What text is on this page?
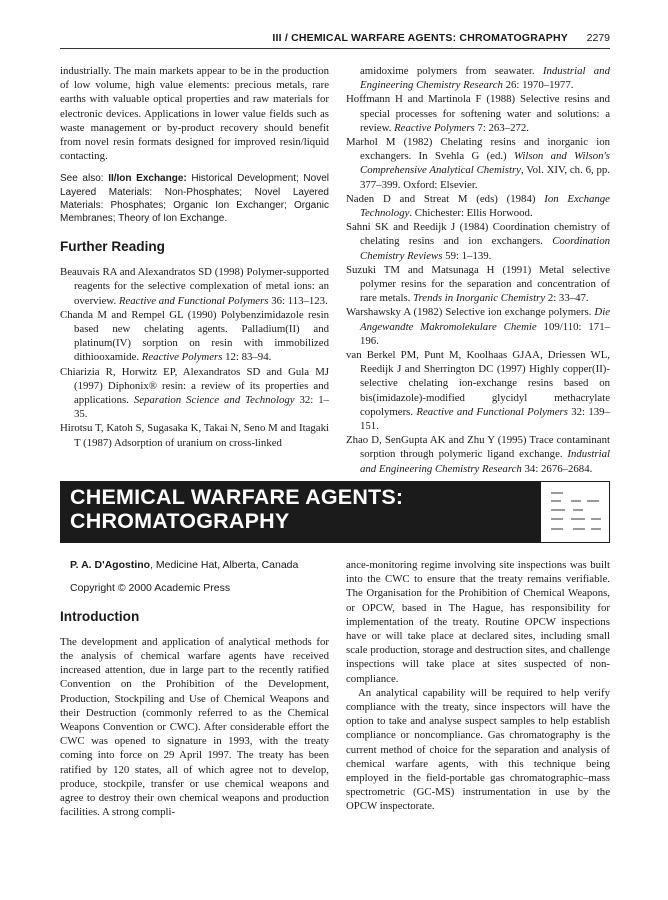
III / CHEMICAL WARFARE AGENTS: CHROMATOGRAPHY 2279

industrially. The main markets appear to be in the production of low volume, high value elements: precious metals, rare earths with valuable optical properties and raw materials for electronic devices. Applications in lower value fields such as waste management or by-product recovery should benefit from novel resin formats designed for improved resin/liquid contacting.

See also: II/Ion Exchange: Historical Development; Novel Layered Materials: Non-Phosphates; Novel Layered Materials: Phosphates; Organic Ion Exchanger; Organic Membranes; Theory of Ion Exchange.

Further Reading

Beauvais RA and Alexandratos SD (1998) Polymer-supported reagents for the selective complexation of metal ions: an overview. Reactive and Functional Polymers 36: 113–123.

Chanda M and Rempel GL (1990) Polybenzimidazole resin based new chelating agents. Palladium(II) and platinum(IV) sorption on resin with immobilized dithiooxamide. Reactive Polymers 12: 83–94.

Chiarizia R, Horwitz EP, Alexandratos SD and Gula MJ (1997) Diphonix® resin: a review of its properties and applications. Separation Science and Technology 32: 1–35.

Hirotsu T, Katoh S, Sugasaka K, Takai N, Seno M and Itagaki T (1987) Adsorption of uranium on cross-linked

amidoxime polymers from seawater. Industrial and Engineering Chemistry Research 26: 1970–1977.

Hoffmann H and Martinola F (1988) Selective resins and special processes for softening water and solutions: a review. Reactive Polymers 7: 263–272.

Marhol M (1982) Chelating resins and inorganic ion exchangers. In Svehla G (ed.) Wilson and Wilson's Comprehensive Analytical Chemistry, Vol. XIV, ch. 6, pp. 377–399. Oxford: Elsevier.

Naden D and Streat M (eds) (1984) Ion Exchange Technology. Chichester: Ellis Horwood.

Sahni SK and Reedijk J (1984) Coordination chemistry of chelating resins and ion exchangers. Coordination Chemistry Reviews 59: 1–139.

Suzuki TM and Matsunaga H (1991) Metal selective polymer resins for the separation and concentration of rare metals. Trends in Inorganic Chemistry 2: 33–47.

Warshawsky A (1982) Selective ion exchange polymers. Die Angewandte Makromolekulare Chemie 109/110: 171–196.

van Berkel PM, Punt M, Koolhaas GJAA, Driessen WL, Reedijk J and Sherrington DC (1997) Highly copper(II)-selective chelating ion-exchange resins based on bis(imidazole)-modified glycidyl methacrylate copolymers. Reactive and Functional Polymers 32: 139–151.

Zhao D, SenGupta AK and Zhu Y (1995) Trace contaminant sorption through polymeric ligand exchange. Industrial and Engineering Chemistry Research 34: 2676–2684.

CHEMICAL WARFARE AGENTS:
CHROMATOGRAPHY

P. A. D'Agostino, Medicine Hat, Alberta, Canada

Copyright © 2000 Academic Press

Introduction

The development and application of analytical methods for the analysis of chemical warfare agents have received increased attention, due in large part to the recently ratified Convention on the Prohibition of the Development, Production, Stockpiling and Use of Chemical Weapons and their Destruction (commonly referred to as the Chemical Weapons Convention or CWC). After considerable effort the CWC was opened to signature in 1993, with the treaty coming into force on 29 April 1997. The treaty has been ratified by 120 states, all of which agree not to develop, produce, stockpile, transfer or use chemical weapons and agree to destroy their own chemical weapons and production facilities. A strong compli-

ance-monitoring regime involving site inspections was built into the CWC to ensure that the treaty remains verifiable. The Organisation for the Prohibition of Chemical Weapons, or OPCW, based in The Hague, has responsibility for implementation of the treaty. Routine OPCW inspections have or will take place at declared sites, including small scale production, storage and destruction sites, and challenge inspections will take place at sites suspected of non-compliance.

An analytical capability will be required to help verify compliance with the treaty, since inspectors will have the option to take and analyse suspect samples to help establish compliance or noncompliance. Gas chromatography is the current method of choice for the separation and analysis of chemical warfare agents, with this technique being employed in the field-portable gas chromatographic–mass spectrometric (GC-MS) instrumentation in use by the OPCW inspectorate.
